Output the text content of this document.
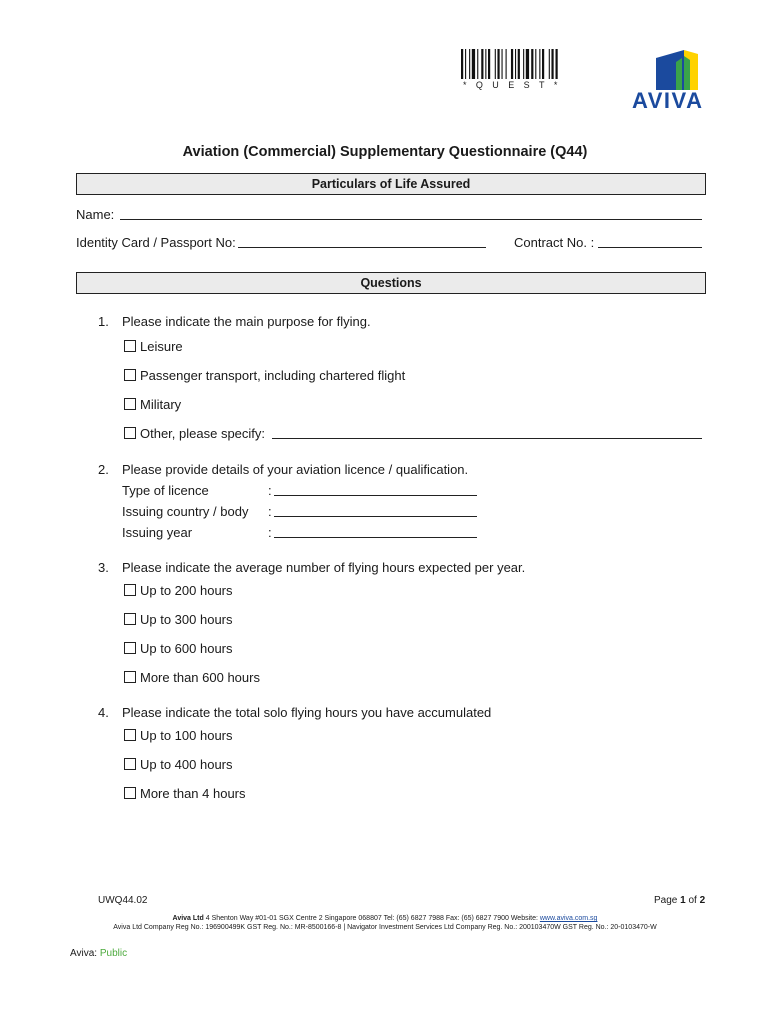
*QUEST*
AVIVA
Aviation (Commercial) Supplementary Questionnaire (Q44)
Particulars of Life Assured
Name:
Identity Card / Passport No:	Contract No. :
Questions
1. Please indicate the main purpose for flying.
Leisure
Passenger transport, including chartered flight
Military
Other, please specify:
2. Please provide details of your aviation licence / qualification.
Type of licence	:
Issuing country / body :
Issuing year	:
3. Please indicate the average number of flying hours expected per year.
Up to 200 hours
Up to 300 hours
Up to 600 hours
More than 600 hours
4. Please indicate the total solo flying hours you have accumulated
Up to 100 hours
Up to 400 hours
More than 4 hours
UWQ44.02	Page 1 of 2
Aviva Ltd 4 Shenton Way #01-01 SGX Centre 2 Singapore 068807 Tel: (65) 6827 7988 Fax: (65) 6827 7900 Website: www.aviva.com.sg
Aviva Ltd Company Reg No.: 196900499K GST Reg. No.: MR-8500166-8 | Navigator Investment Services Ltd Company Reg. No.: 200103470W GST Reg. No.: 20-0103470-W
Aviva: Public
